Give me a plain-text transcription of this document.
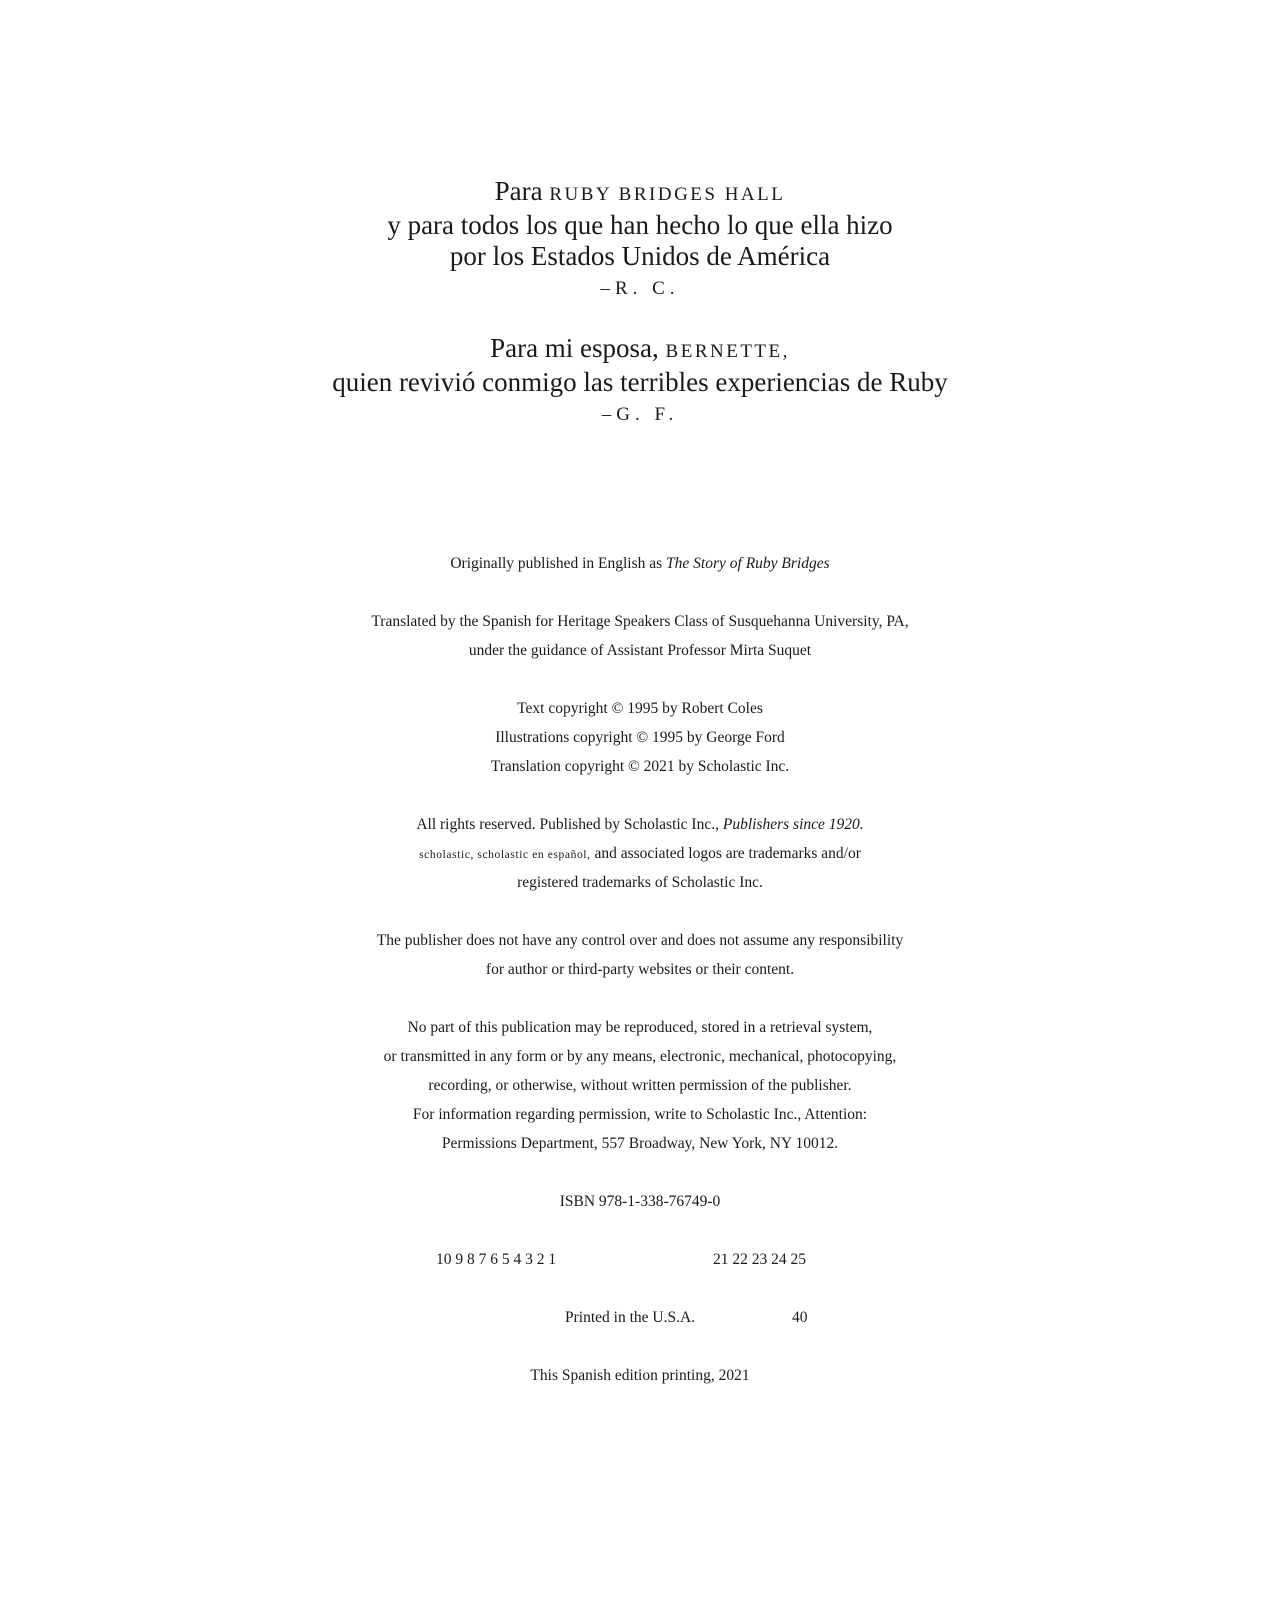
Para RUBY BRIDGES HALL
y para todos los que han hecho lo que ella hizo
por los Estados Unidos de América
–R. C.
Para mi esposa, BERNETTE,
quien revivió conmigo las terribles experiencias de Ruby
–G. F.
Originally published in English as The Story of Ruby Bridges
Translated by the Spanish for Heritage Speakers Class of Susquehanna University, PA,
under the guidance of Assistant Professor Mirta Suquet
Text copyright © 1995 by Robert Coles
Illustrations copyright © 1995 by George Ford
Translation copyright © 2021 by Scholastic Inc.
All rights reserved. Published by Scholastic Inc., Publishers since 1920.
scholastic, scholastic en español, and associated logos are trademarks and/or
registered trademarks of Scholastic Inc.
The publisher does not have any control over and does not assume any responsibility
for author or third-party websites or their content.
No part of this publication may be reproduced, stored in a retrieval system,
or transmitted in any form or by any means, electronic, mechanical, photocopying,
recording, or otherwise, without written permission of the publisher.
For information regarding permission, write to Scholastic Inc., Attention:
Permissions Department, 557 Broadway, New York, NY 10012.
ISBN 978-1-338-76749-0
10 9 8 7 6 5 4 3 2 1	21 22 23 24 25
Printed in the U.S.A.	40
This Spanish edition printing, 2021
